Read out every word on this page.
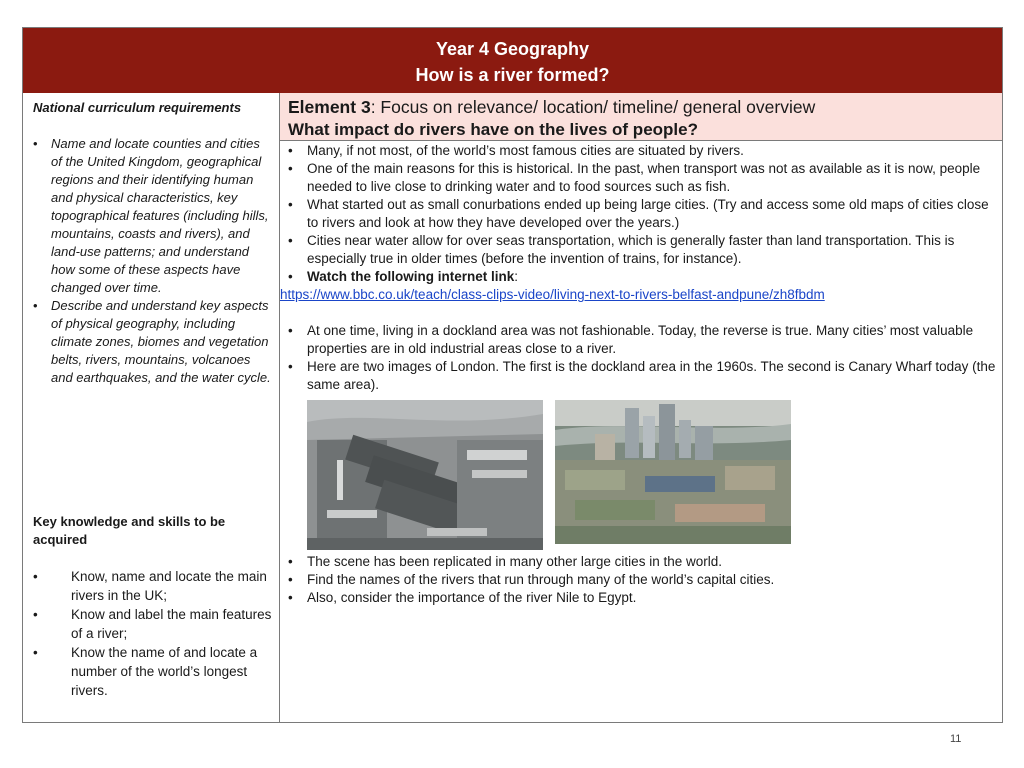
Year 4 Geography
How is a river formed?
National curriculum requirements
• Name and locate counties and cities of the United Kingdom, geographical regions and their identifying human and physical characteristics, key topographical features (including hills, mountains, coasts and rivers), and land-use patterns; and understand how some of these aspects have changed over time.
• Describe and understand key aspects of physical geography, including climate zones, biomes and vegetation belts, rivers, mountains, volcanoes and earthquakes, and the water cycle.
Key knowledge and skills to be acquired
• Know, name and locate the main rivers in the UK;
• Know and label the main features of a river;
• Know the name of and locate a number of the world’s longest rivers.
Element 3: Focus on relevance/ location/ timeline/ general overview
What impact do rivers have on the lives of people?
• Many, if not most, of the world’s most famous cities are situated by rivers.
• One of the main reasons for this is historical. In the past, when transport was not as available as it is now, people needed to live close to drinking water and to food sources such as fish.
• What started out as small conurbations ended up being large cities. (Try and access some old maps of cities close to rivers and look at how they have developed over the years.)
• Cities near water allow for over seas transportation, which is generally faster than land transportation. This is especially true in older times (before the invention of trains, for instance).
• Watch the following internet link:
https://www.bbc.co.uk/teach/class-clips-video/living-next-to-rivers-belfast-andpune/zh8fbdm
• At one time, living in a dockland area was not fashionable. Today, the reverse is true. Many cities’ most valuable properties are in old industrial areas close to a river.
• Here are two images of London. The first is the dockland area in the 1960s. The second is Canary Wharf today (the same area).
• The scene has been replicated in many other large cities in the world.
• Find the names of the rivers that run through many of the world’s capital cities.
• Also, consider the importance of the river Nile to Egypt.
11
